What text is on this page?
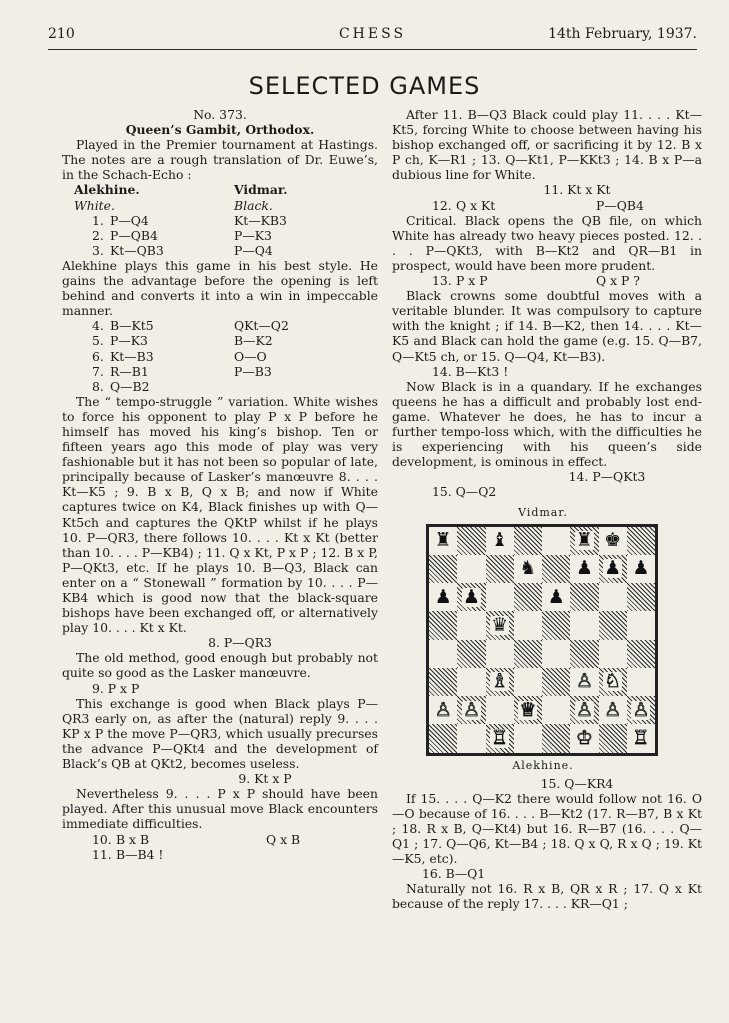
210	CHESS	14th February, 1937.
SELECTED GAMES

No. 373.

Queen’s Gambit, Orthodox.

Played in the Premier tournament at Hastings. The notes are a rough translation of Dr. Euwe’s, in the Schach-Echo :

Alekhine.	Vidmar.
White.	Black.
1.	P—Q4	Kt—KB3
2.	P—QB4	P—K3
3.	Kt—QB3	P—Q4

Alekhine plays this game in his best style. He gains the advantage before the opening is left behind and converts it into a win in impeccable manner.

4.	B—Kt5	QKt—Q2
5.	P—K3	B—K2
6.	Kt—B3	O—O
7.	R—B1	P—B3
8.	Q—B2	

The “ tempo-struggle ” variation. White wishes to force his opponent to play P x P before he himself has moved his king’s bishop. Ten or fifteen years ago this mode of play was very fashionable but it has not been so popular of late, principally because of Lasker’s manœuvre 8. . . . Kt—K5 ; 9. B x B, Q x B; and now if White captures twice on K4, Black finishes up with Q—Kt5ch and captures the QKtP whilst if he plays 10. P—QR3, there follows 10. . . . Kt x Kt (better than 10. . . . P—KB4) ; 11. Q x Kt, P x P ; 12. B x P, P—QKt3, etc. If he plays 10. B—Q3, Black can enter on a “ Stonewall ” formation by 10. . . . P—KB4 which is good now that the black-square bishops have been exchanged off, or alternatively play 10. . . . Kt x Kt.

8. P—QR3

The old method, good enough but probably not quite so good as the Lasker manœuvre.

9. P x P

This exchange is good when Black plays P—QR3 early on, as after the (natural) reply 9. . . . KP x P the move P—QR3, which usually precurses the advance P—QKt4 and the development of Black’s QB at QKt2, becomes useless.

9. Kt x P

Nevertheless 9. . . . P x P should have been played. After this unusual move Black encounters immediate difficulties.

10.	B x B	Q x B
11.	B—B4 !	

After 11. B—Q3 Black could play 11. . . . Kt—Kt5, forcing White to choose between having his bishop exchanged off, or sacrificing it by 12. B x P ch, K—R1 ; 13. Q—Kt1, P—KKt3 ; 14. B x P—a dubious line for White.

11. Kt x Kt

12.	Q x Kt	P—QB4

Critical. Black opens the QB file, on which White has already two heavy pieces posted. 12. . . . P—QKt3, with B—Kt2 and QR—B1 in prospect, would have been more prudent.

13.	P x P	Q x P ?

Black crowns some doubtful moves with a veritable blunder. It was compulsory to capture with the knight ; if 14. B—K2, then 14. . . . Kt—K5 and Black can hold the game (e.g. 15. Q—B7, Q—Kt5 ch, or 15. Q—Q4, Kt—B3).

14. B—Kt3 !

Now Black is in a quandary. If he exchanges queens he has a difficult and probably lost end-game. Whatever he does, he has to incur a further tempo-loss which, with the difficulties he is experiencing with his queen’s side development, is ominous in effect.

14. P—QKt3

15. Q—Q2

Vidmar.
♜ ♝	♜ ♚
♞ ♟ ♟ ♟
♟ ♟	♟
♛
♗	♙ ♘
♙ ♙ ♕ ♙ ♙ ♙
♖	♔ ♖
Alekhine.

15. Q—KR4

If 15. . . . Q—K2 there would follow not 16. O—O because of 16. . . . B—Kt2 (17. R—B7, B x Kt ; 18. R x B, Q—Kt4) but 16. R—B7 (16. . . . Q—Q1 ; 17. Q—Q6, Kt—B4 ; 18. Q x Q, R x Q ; 19. Kt—K5, etc).

16. B—Q1

Naturally not 16. R x B, QR x R ; 17. Q x Kt because of the reply 17. . . . KR—Q1 ;
